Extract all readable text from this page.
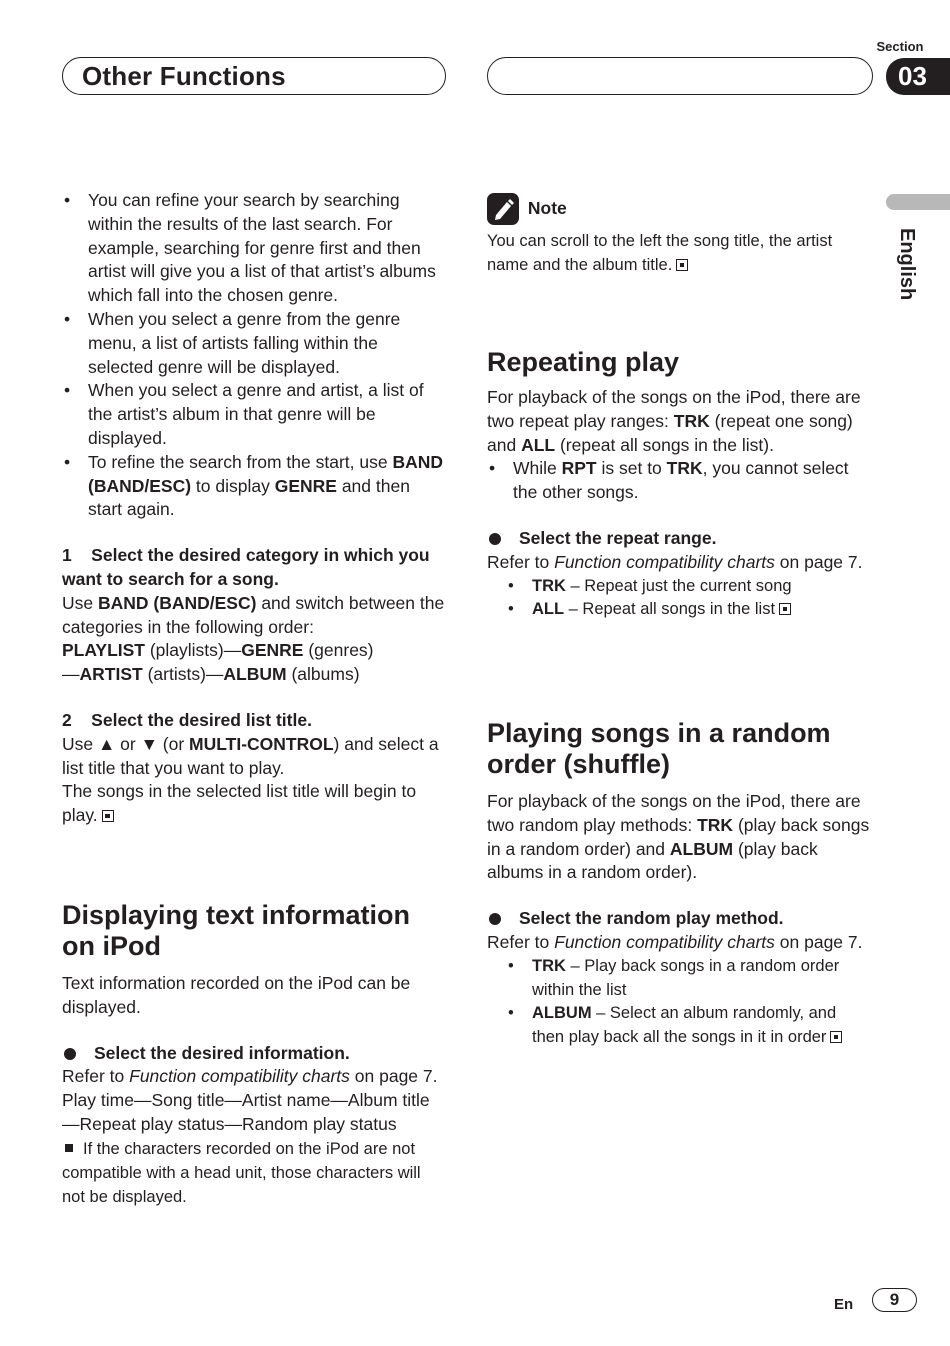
Other Functions
Section
03
English
• You can refine your search by searching within the results of the last search. For example, searching for genre first and then artist will give you a list of that artist’s albums which fall into the chosen genre.
• When you select a genre from the genre menu, a list of artists falling within the selected genre will be displayed.
• When you select a genre and artist, a list of the artist’s album in that genre will be displayed.
• To refine the search from the start, use BAND (BAND/ESC) to display GENRE and then start again.

1    Select the desired category in which you want to search for a song.

Use BAND (BAND/ESC) and switch between the categories in the following order:
PLAYLIST (playlists)—GENRE (genres)
—ARTIST (artists)—ALBUM (albums)

2    Select the desired list title.

Use ▲ or ▼ (or MULTI-CONTROL) and select a list title that you want to play.

The songs in the selected list title will begin to play.

Displaying text information on iPod

Text information recorded on the iPod can be displayed.

Select the desired information.

Refer to Function compatibility charts on page 7.

Play time—Song title—Artist name—Album title—Repeat play status—Random play status

If the characters recorded on the iPod are not compatible with a head unit, those characters will not be displayed.

Note

You can scroll to the left the song title, the artist name and the album title.

Repeating play

For playback of the songs on the iPod, there are two repeat play ranges: TRK (repeat one song) and ALL (repeat all songs in the list).

• While RPT is set to TRK, you cannot select the other songs.

Select the repeat range.

Refer to Function compatibility charts on page 7.

• TRK – Repeat just the current song
• ALL – Repeat all songs in the list

Playing songs in a random order (shuffle)

For playback of the songs on the iPod, there are two random play methods: TRK (play back songs in a random order) and ALBUM (play back albums in a random order).

Select the random play method.

Refer to Function compatibility charts on page 7.

• TRK – Play back songs in a random order within the list
• ALBUM – Select an album randomly, and then play back all the songs in it in order
En	9
